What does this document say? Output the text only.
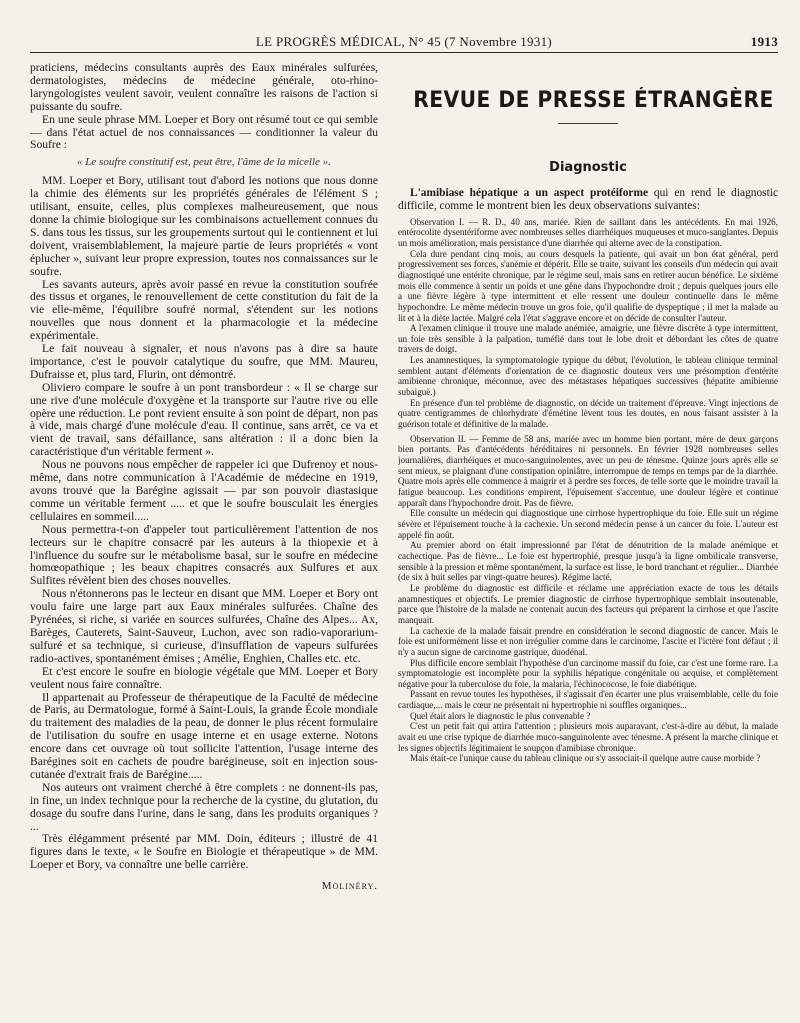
LE PROGRÈS MÉDICAL, N° 45 (7 Novembre 1931)	1913

praticiens, médecins consultants auprès des Eaux minérales sulfurées, dermatologistes, médecins de médecine générale, oto-rhino-laryngologistes veulent savoir, veulent connaître les raisons de l'action si puissante du soufre.

En une seule phrase MM. Loeper et Bory ont résumé tout ce qui semble — dans l'état actuel de nos connaissances — conditionner la valeur du Soufre :

« Le soufre constitutif est, peut être, l'âme de la micelle ».

MM. Loeper et Bory, utilisant tout d'abord les notions que nous donne la chimie des éléments sur les propriétés générales de l'élément S ; utilisant, ensuite, celles, plus complexes malheureusement, que nous donne la chimie biologique sur les combinaisons actuellement connues du S. dans tous les tissus, sur les groupements surtout qui le contiennent et lui doivent, vraisemblablement, la majeure partie de leurs propriétés « vont éplucher », suivant leur propre expression, toutes nos connaissances sur le soufre.

Les savants auteurs, après avoir passé en revue la constitution soufrée des tissus et organes, le renouvellement de cette constitution du fait de la vie elle-même, l'équilibre soufré normal, s'étendent sur les notions nouvelles que nous donnent et la pharmacologie et la médecine expérimentale.

Le fait nouveau à signaler, et nous n'avons pas à dire sa haute importance, c'est le pouvoir catalytique du soufre, que MM. Maureu, Dufraisse et, plus tard, Flurin, ont démontré.

Oliviero compare le soufre à un pont transbordeur : « Il se charge sur une rive d'une molécule d'oxygène et la transporte sur l'autre rive ou elle opère une réduction. Le pont revient ensuite à son point de départ, non pas à vide, mais chargé d'une molécule d'eau. Il continue, sans arrêt, ce va et vient de travail, sans défaillance, sans altération : il a donc bien la caractéristique d'un véritable ferment ».

Nous ne pouvons nous empêcher de rappeler ici que Dufrenoy et nous-même, dans notre communication à l'Académie de médecine en 1919, avons trouvé que la Barégine agissait — par son pouvoir diastasique comme un véritable ferment ..... et que le soufre bousculait les énergies cellulaires en sommeil.....

Nous permettra-t-on d'appeler tout particulièrement l'attention de nos lecteurs sur le chapitre consacré par les auteurs à la thiopexie et à l'influence du soufre sur le métabolisme basal, sur le soufre en médecine homœopathique ; les beaux chapitres consacrés aux Sulfures et aux Sulfites révèlent bien des choses nouvelles.

Nous n'étonnerons pas le lecteur en disant que MM. Loeper et Bory ont voulu faire une large part aux Eaux minérales sulfurées. Chaîne des Pyrénées, si riche, si variée en sources sulfurées, Chaîne des Alpes... Ax, Barèges, Cauterets, Saint-Sauveur, Luchon, avec son radio-vaporarium-sulfuré et sa technique, si curieuse, d'insufflation de vapeurs sulfurées radio-actives, spontanément émises ; Amélie, Enghien, Challes etc. etc.

Et c'est encore le soufre en biologie végétale que MM. Loeper et Bory veulent nous faire connaître.

Il appartenait au Professeur de thérapeutique de la Faculté de médecine de Paris, au Dermatologue, formé à Saint-Louis, la grande École mondiale du traitement des maladies de la peau, de donner le plus récent formulaire de l'utilisation du soufre en usage interne et en usage externe. Notons encore dans cet ouvrage où tout sollicite l'attention, l'usage interne des Barégines soit en cachets de poudre barégineuse, soit en injection sous-cutanée d'extrait frais de Barégine.....

Nos auteurs ont vraiment cherché à être complets : ne donnent-ils pas, in fine, un index technique pour la recherche de la cystine, du glutation, du dosage du soufre dans l'urine, dans le sang, dans les produits organiques ? ...

Très élégamment présenté par MM. Doin, éditeurs ; illustré de 41 figures dans le texte, « le Soufre en Biologie et thérapeutique » de MM. Loeper et Bory, va connaître une belle carrière.

Molinéry.

REVUE DE PRESSE ÉTRANGÈRE
Diagnostic

L'amibiase hépatique a un aspect protéiforme qui en rend le diagnostic difficile, comme le montrent bien les deux observations suivantes:

Observation I. — R. D., 40 ans, mariée. Rien de saillant dans les antécédents. En mai 1926, entérocolite dysentériforme avec nombreuses selles diarrhéiques muqueuses et muco-sanglantes. Depuis un mois amélioration, mais persistance d'une diarrhée qui alterne avec de la constipation.

Cela dure pendant cinq mois, au cours desquels la patiente, qui avait un bon état général, perd progressivement ses forces, s'anémie et dépérit. Elle se traite, suivant les conseils d'un médecin qui avait diagnostiqué une entérite chronique, par le régime seul, mais sans en retirer aucun bénéfice. Le sixième mois elle commence à sentir un poids et une gêne dans l'hypochondre droit ; depuis quelques jours elle a une fièvre légère à type intermittent et elle ressent une douleur continuelle dans le même hypochondre. Le même médecin trouve un gros foie, qu'il qualifie de dyspeptique ; il met la malade au lit et à la diète lactée. Malgré cela l'état s'aggrave encore et on décide de consulter l'auteur.

A l'examen clinique il trouve une malade anémiée, amaigrie, une fièvre discrète à type intermittent, un foie très sensible à la palpation, tuméfié dans tout le lobe droit et débordant les côtes de quatre travers de doigt.

Les anamnestiques, la symptomatologie typique du début, l'évolution, le tableau clinique terminal semblent autant d'éléments d'orientation de ce diagnostic douteux vers une présomption d'entérite amibienne chronique, méconnue, avec des métastases hépatiques successives (hépatite amibienne subaiguë.)

En présence d'un tel problème de diagnostic, on décide un traitement d'épreuve. Vingt injections de quatre centigrammes de chlorhydrate d'émétine lèvent tous les doutes, en nous faisant assister à la guérison totale et définitive de la malade.

Observation II. — Femme de 58 ans, mariée avec un homme bien portant, mère de deux garçons bien portants. Pas d'antécédents héréditaires ni personnels. En février 1928 nombreuses selles journalières, diarrhéiques et muco-sanguinolentes, avec un peu de ténesme. Quinze jours après elle se sent mieux, se plaignant d'une constipation opiniâtre, interrompue de temps en temps par de la diarrhée. Quatre mois après elle commence à maigrir et à perdre ses forces, de telle sorte que le moindre travail la fatigue beaucoup. Les conditions empirent, l'épuisement s'accentue, une douleur légère et continue apparaît dans l'hypochondre droit. Pas de fièvre.

Elle consulte un médecin qui diagnostique une cirrhose hypertrophique du foie. Elle suit un régime sévère et l'épuisement touche à la cachexie. Un second médecin pense à un cancer du foie. L'auteur est appelé fin août.

Au premier abord on était impressionné par l'état de dénutrition de la malade anémique et cachectique. Pas de fièvre... Le foie est hypertrophié, presque jusqu'à la ligne ombilicale transverse, sensible à la pression et même spontanément, la surface est lisse, le bord tranchant et régulier... Diarrhée (de six à huit selles par vingt-quatre heures). Régime lacté.

Le problème du diagnostic est difficile et réclame une appréciation exacte de tous les détails anamnestiques et objectifs. Le premier diagnostic de cirrhose hypertrophique semblait insoutenable, parce que l'histoire de la malade ne contenait aucun des facteurs qui préparent la cirrhose et que l'ascite manquait.

La cachexie de la malade faisait prendre en considération le second diagnostic de cancer. Mais le foie est uniformément lisse et non irrégulier comme dans le carcinome, l'ascite et l'ictère font défaut ; il n'y a aucun signe de carcinome gastrique, duodénal.

Plus difficile encore semblait l'hypothèse d'un carcinome massif du foie, car c'est une forme rare. La symptomatologie est incomplète pour la syphilis hépatique congénitale ou acquise, et complètement négative pour la tuberculose du foie, la malaria, l'échinococose, le foie diabétique.

Passant en revue toutes les hypothèses, il s'agissait d'en écarter une plus vraisemblable, celle du foie cardiaque,... mais le cœur ne présentait ni hypertrophie ni souffles organiques...

Quel était alors le diagnostic le plus convenable ?

C'est un petit fait qui attira l'attention ; plusieurs mois auparavant, c'est-à-dire au début, la malade avait eu une crise typique de diarrhée muco-sanguinolente avec ténesme. A présent la marche clinique et les signes objectifs légitimaient le soupçon d'amibiase chronique.

Mais était-ce l'unique cause du tableau clinique ou s'y associait-il quelque autre cause morbide ?
